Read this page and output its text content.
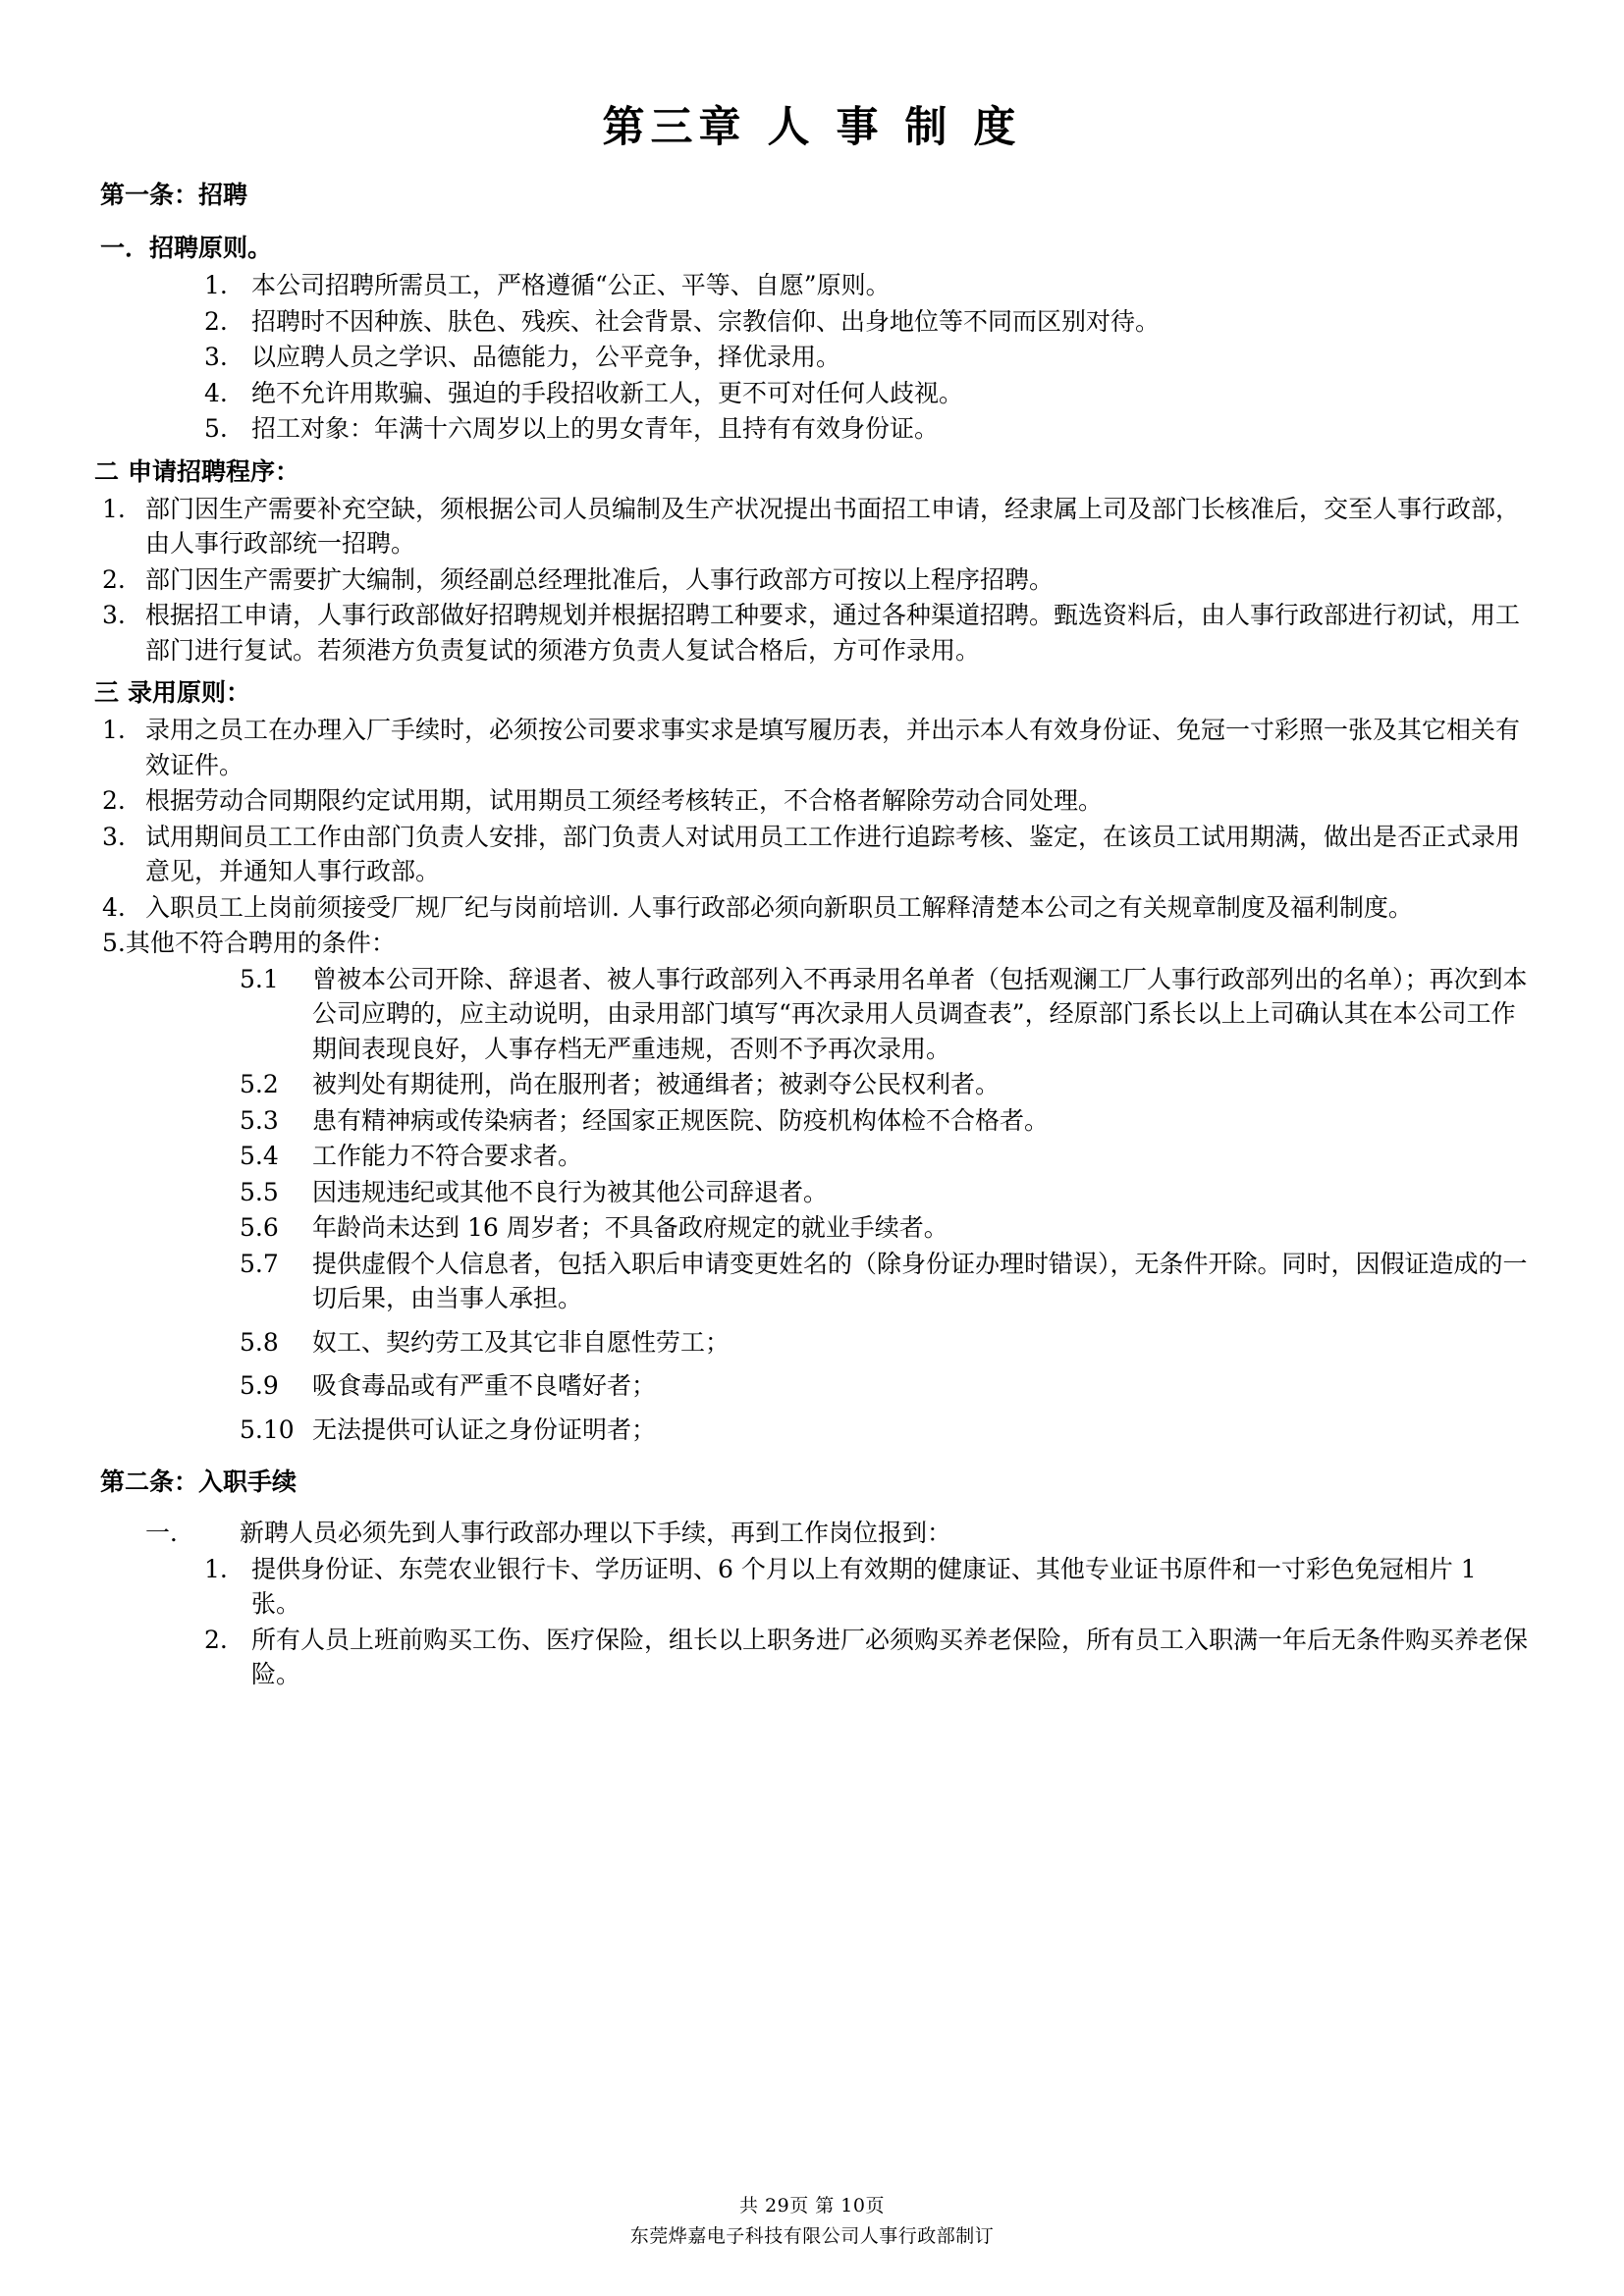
第三章 人 事 制 度
第一条：招聘
一．招聘原则。
1. 本公司招聘所需员工，严格遵循“公正、平等、自愿”原则。
2. 招聘时不因种族、肤色、残疾、社会背景、宗教信仰、出身地位等不同而区别对待。
3. 以应聘人员之学识、品德能力，公平竞争，择优录用。
4. 绝不允许用欺骗、强迫的手段招收新工人，更不可对任何人歧视。
5. 招工对象：年满十六周岁以上的男女青年，且持有有效身份证。
二 申请招聘程序：
1. 部门因生产需要补充空缺，须根据公司人员编制及生产状况提出书面招工申请，经隶属上司及部门长核准后，交至人事行政部，由人事行政部统一招聘。
2. 部门因生产需要扩大编制，须经副总经理批准后，人事行政部方可按以上程序招聘。
3. 根据招工申请，人事行政部做好招聘规划并根据招聘工种要求，通过各种渠道招聘。甄选资料后，由人事行政部进行初试，用工部门进行复试。若须港方负责复试的须港方负责人复试合格后，方可作录用。
三 录用原则：
1. 录用之员工在办理入厂手续时，必须按公司要求事实求是填写履历表，并出示本人有效身份证、免冠一寸彩照一张及其它相关有效证件。
2. 根据劳动合同期限约定试用期，试用期员工须经考核转正，不合格者解除劳动合同处理。
3. 试用期间员工工作由部门负责人安排，部门负责人对试用员工工作进行追踪考核、鉴定，在该员工试用期满，做出是否正式录用意见，并通知人事行政部。
4. 入职员工上岗前须接受厂规厂纪与岗前培训. 人事行政部必须向新职员工解释清楚本公司之有关规章制度及福利制度。
5.其他不符合聘用的条件：
5.1	曾被本公司开除、辞退者、被人事行政部列入不再录用名单者（包括观澜工厂人事行政部列出的名单）；再次到本公司应聘的，应主动说明，由录用部门填写“再次录用人员调查表”，经原部门系长以上上司确认其在本公司工作期间表现良好，人事存档无严重违规，否则不予再次录用。
5.2	被判处有期徒刑，尚在服刑者；被通缉者；被剥夺公民权利者。
5.3	患有精神病或传染病者；经国家正规医院、防疫机构体检不合格者。
5.4	工作能力不符合要求者。
5.5	因违规违纪或其他不良行为被其他公司辞退者。
5.6	年龄尚未达到 16 周岁者；不具备政府规定的就业手续者。
5.7	提供虚假个人信息者，包括入职后申请变更姓名的（除身份证办理时错误），无条件开除。同时，因假证造成的一切后果，由当事人承担。
5.8	奴工、契约劳工及其它非自愿性劳工；
5.9	吸食毒品或有严重不良嗜好者；
5.10 无法提供可认证之身份证明者；
第二条：入职手续
一．	新聘人员必须先到人事行政部办理以下手续，再到工作岗位报到：
1. 提供身份证、东莞农业银行卡、学历证明、6 个月以上有效期的健康证、其他专业证书原件和一寸彩色免冠相片 1 张。
2. 所有人员上班前购买工伤、医疗保险，组长以上职务进厂必须购买养老保险，所有员工入职满一年后无条件购买养老保险。
共 29页 第 10页
东莞烨嘉电子科技有限公司人事行政部制订
